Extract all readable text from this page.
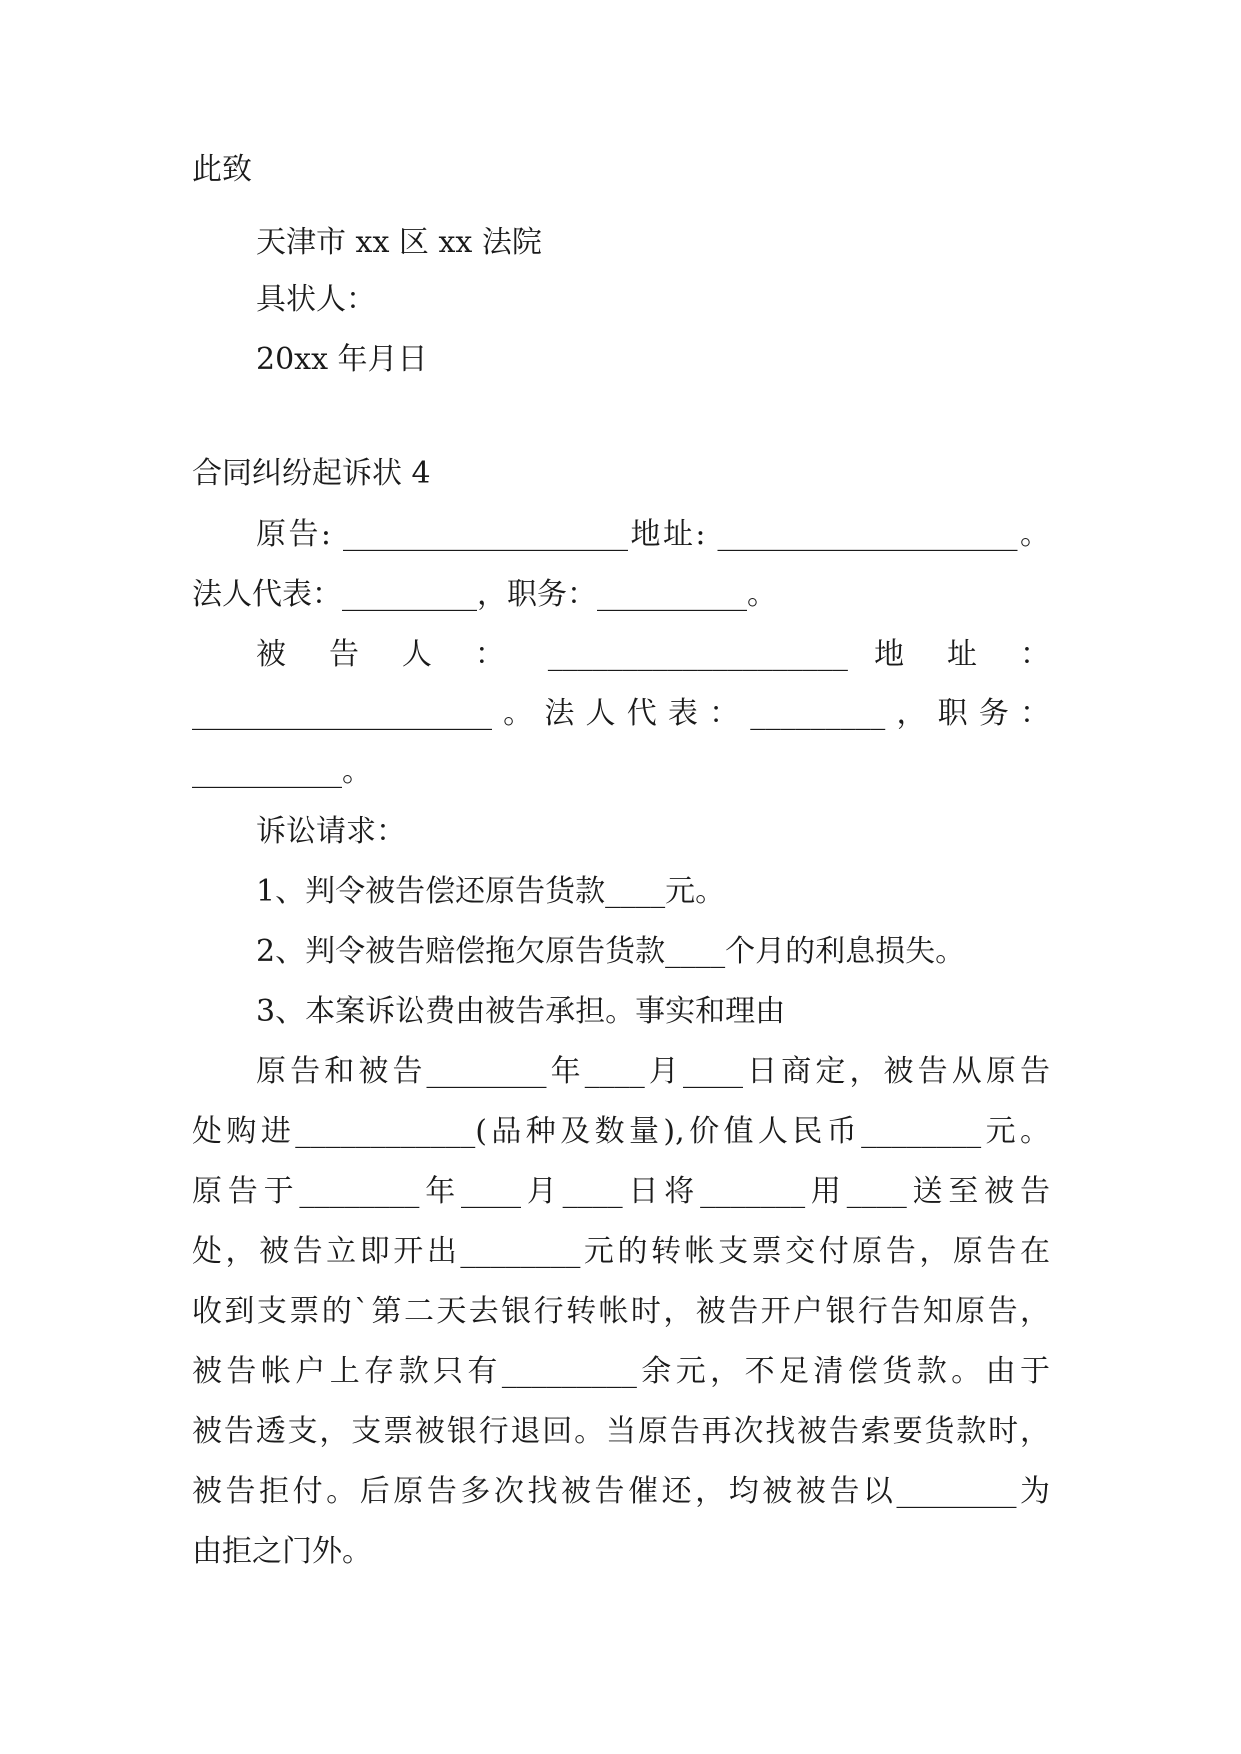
此致
天津市 xx 区 xx 法院
具状人：
20xx 年月日
合同纠纷起诉状 4
原告: ___________________地址: ____________________。
法人代表：_________，职务：__________。
被 告 人 ： ____________________ 地 址 ：
____________________。法人代表：_________，职务：
__________。
诉讼请求：
1、判令被告偿还原告货款____元。
2、判令被告赔偿拖欠原告货款____个月的利息损失。
3、本案诉讼费由被告承担。事实和理由
原告和被告________年____月____日商定，被告从原告
处购进____________(品种及数量),价值人民币________元。
原告于________年____月____日将_______用____送至被告
处，被告立即开出________元的转帐支票交付原告，原告在
收到支票的`第二天去银行转帐时，被告开户银行告知原告，
被告帐户上存款只有_________余元，不足清偿货款。由于
被告透支，支票被银行退回。当原告再次找被告索要货款时，
被告拒付。后原告多次找被告催还，均被被告以________为
由拒之门外。
